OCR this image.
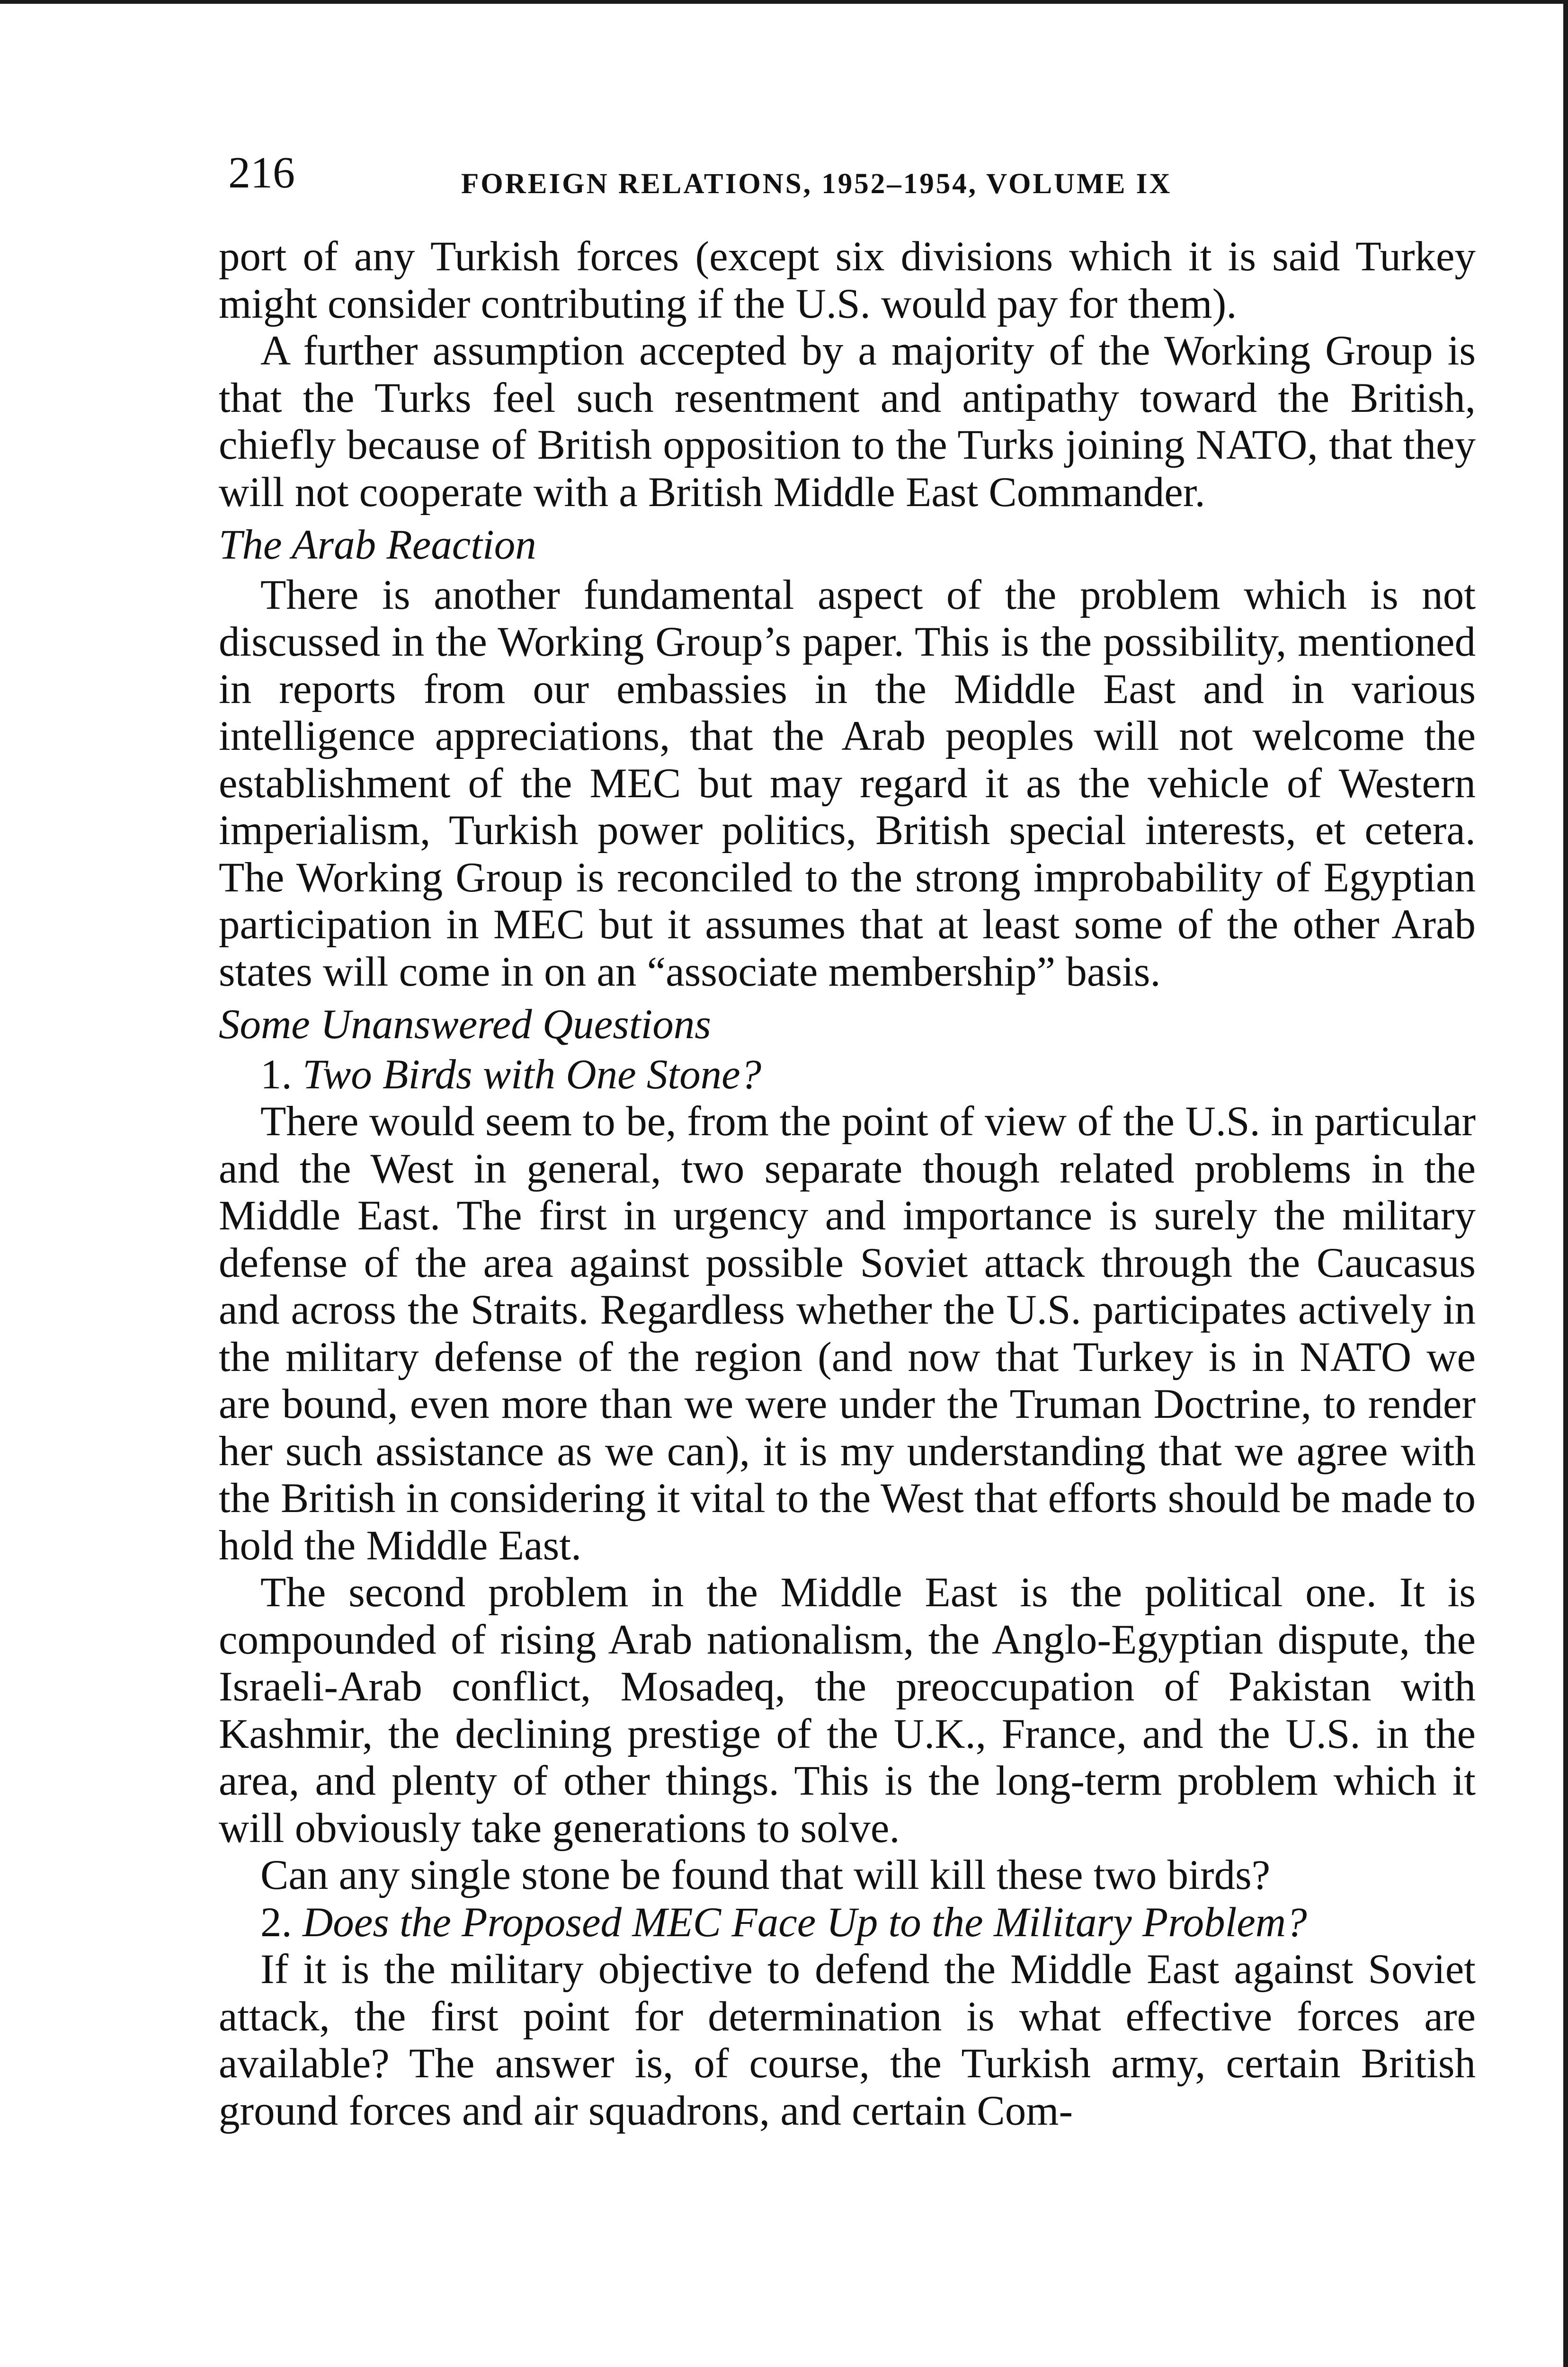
216	FOREIGN RELATIONS, 1952–1954, VOLUME IX

port of any Turkish forces (except six divisions which it is said Turkey might consider contributing if the U.S. would pay for them).

A further assumption accepted by a majority of the Working Group is that the Turks feel such resentment and antipathy toward the British, chiefly because of British opposition to the Turks joining NATO, that they will not cooperate with a British Middle East Commander.

The Arab Reaction

There is another fundamental aspect of the problem which is not discussed in the Working Group’s paper. This is the possibility, mentioned in reports from our embassies in the Middle East and in various intelligence appreciations, that the Arab peoples will not welcome the establishment of the MEC but may regard it as the vehicle of Western imperialism, Turkish power politics, British special interests, et cetera. The Working Group is reconciled to the strong improbability of Egyptian participation in MEC but it assumes that at least some of the other Arab states will come in on an “associate membership” basis.

Some Unanswered Questions

1. Two Birds with One Stone?

There would seem to be, from the point of view of the U.S. in particular and the West in general, two separate though related problems in the Middle East. The first in urgency and importance is surely the military defense of the area against possible Soviet attack through the Caucasus and across the Straits. Regardless whether the U.S. participates actively in the military defense of the region (and now that Turkey is in NATO we are bound, even more than we were under the Truman Doctrine, to render her such assistance as we can), it is my understanding that we agree with the British in considering it vital to the West that efforts should be made to hold the Middle East.

The second problem in the Middle East is the political one. It is compounded of rising Arab nationalism, the Anglo-Egyptian dispute, the Israeli-Arab conflict, Mosadeq, the preoccupation of Pakistan with Kashmir, the declining prestige of the U.K., France, and the U.S. in the area, and plenty of other things. This is the long-term problem which it will obviously take generations to solve.

Can any single stone be found that will kill these two birds?

2. Does the Proposed MEC Face Up to the Military Problem?

If it is the military objective to defend the Middle East against Soviet attack, the first point for determination is what effective forces are available? The answer is, of course, the Turkish army, certain British ground forces and air squadrons, and certain Com-
